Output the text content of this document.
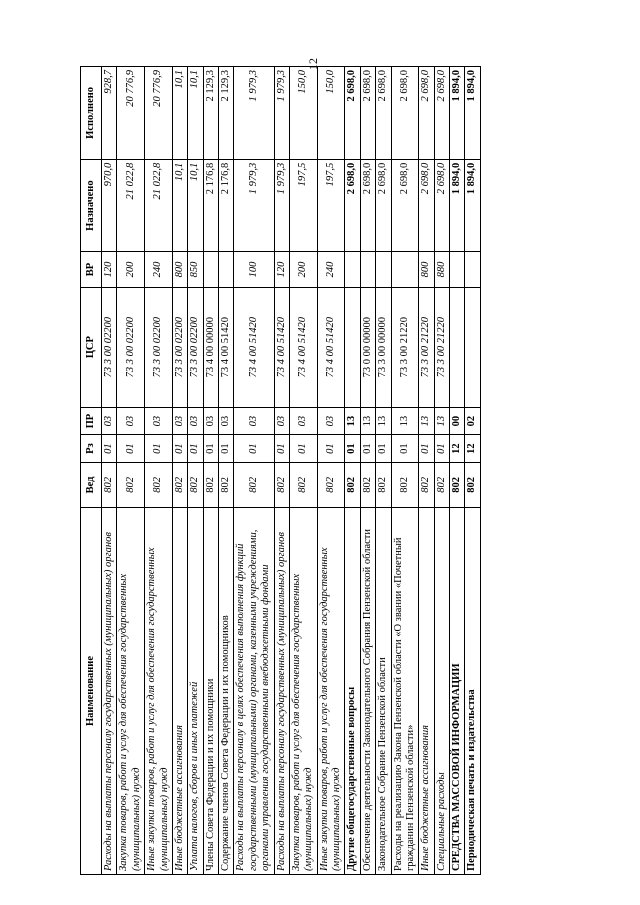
12
Наименование	Вед	Рз	ПР	ЦСР	ВР	Назначено	Исполнено
Расходы на выплаты персоналу государственных (муниципальных) органов	802	01	03	73 3 00 02200	120	970,0	928,7
Закупка товаров, работ и услуг для обеспечения государственных (муниципальных) нужд	802	01	03	73 3 00 02200	200	21 022,8	20 776,9
Иные закупки товаров, работ и услуг для обеспечения государственных (муниципальных) нужд	802	01	03	73 3 00 02200	240	21 022,8	20 776,9
Иные бюджетные ассигнования	802	01	03	73 3 00 02200	800	10,1	10,1
Уплата налогов, сборов и иных платежей	802	01	03	73 3 00 02200	850	10,1	10,1
Члены Совета Федерации и их помощники	802	01	03	73 4 00 00000		2 176,8	2 129,3
Содержание членов Совета Федерации и их помощников	802	01	03	73 4 00 51420		2 176,8	2 129,3
Расходы на выплаты персоналу в целях обеспечения выполнения функций государственными (муниципальными) органами, казенными учреждениями, органами управления государственными внебюджетными фондами	802	01	03	73 4 00 51420	100	1 979,3	1 979,3
Расходы на выплаты персоналу государственных (муниципальных) органов	802	01	03	73 4 00 51420	120	1 979,3	1 979,3
Закупка товаров, работ и услуг для обеспечения государственных (муниципальных) нужд	802	01	03	73 4 00 51420	200	197,5	150,0
Иные закупки товаров, работ и услуг для обеспечения государственных (муниципальных) нужд	802	01	03	73 4 00 51420	240	197,5	150,0
Другие общегосударственные вопросы	802	01	13			2 698,0	2 698,0
Обеспечение деятельности Законодательного Собрания Пензенской области	802	01	13	73 0 00 00000		2 698,0	2 698,0
Законодательное Собрание Пензенской области	802	01	13	73 3 00 00000		2 698,0	2 698,0
Расходы на реализацию Закона Пензенской области «О звании «Почетный гражданин Пензенской области»	802	01	13	73 3 00 21220		2 698,0	2 698,0
Иные бюджетные ассигнования	802	01	13	73 3 00 21220	800	2 698,0	2 698,0
Специальные расходы	802	01	13	73 3 00 21220	880	2 698,0	2 698,0
СРЕДСТВА МАССОВОЙ ИНФОРМАЦИИ	802	12	00			1 894,0	1 894,0
Периодическая печать и издательства	802	12	02			1 894,0	1 894,0
